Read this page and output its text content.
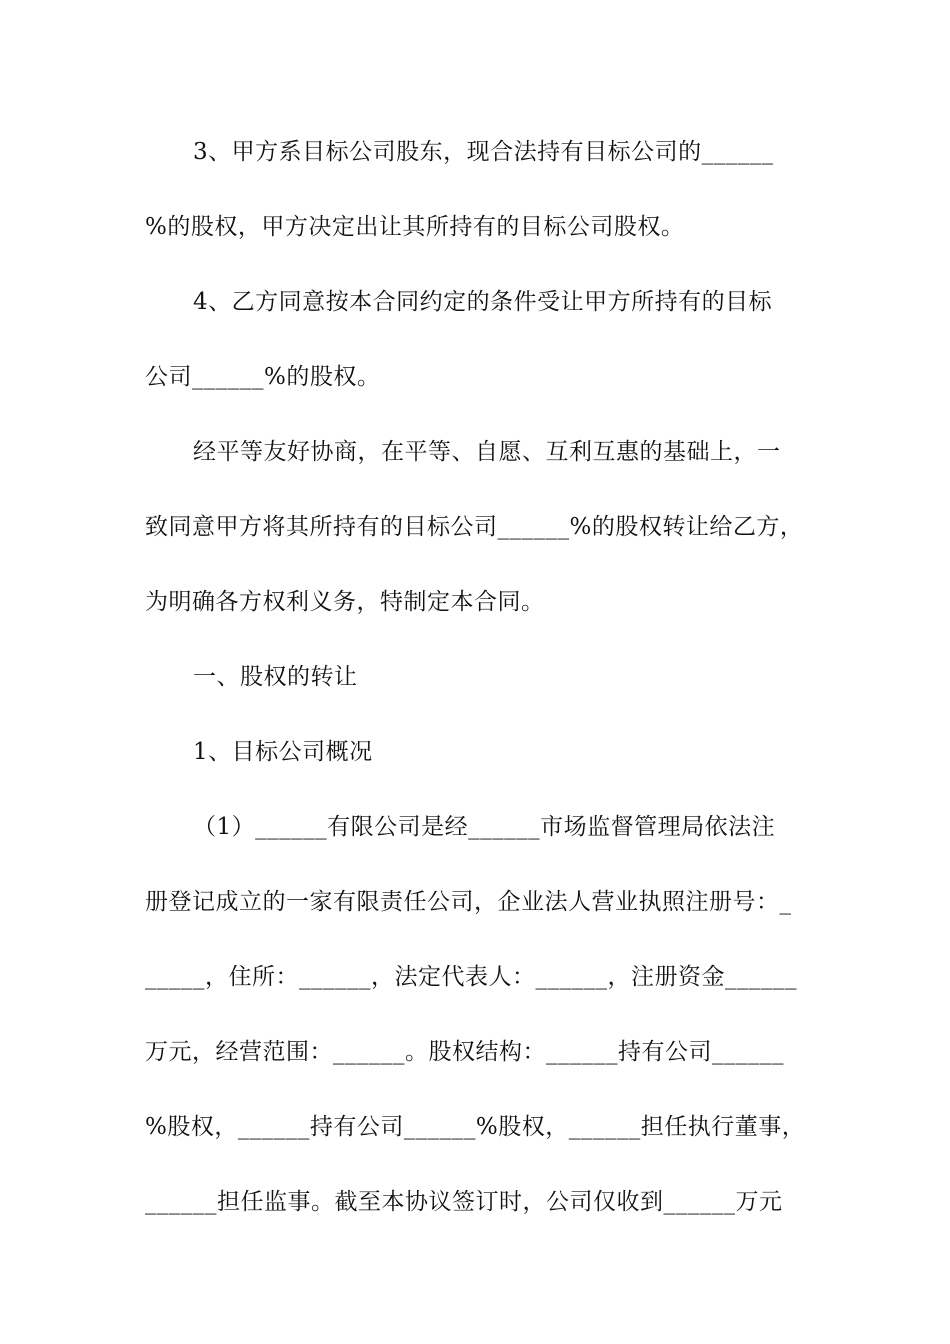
3、甲方系目标公司股东，现合法持有目标公司的______
%的股权，甲方决定出让其所持有的目标公司股权。
4、乙方同意按本合同约定的条件受让甲方所持有的目标
公司______%的股权。
经平等友好协商，在平等、自愿、互利互惠的基础上，一
致同意甲方将其所持有的目标公司______%的股权转让给乙方，
为明确各方权利义务，特制定本合同。
一、股权的转让
1、目标公司概况
（1）______有限公司是经______市场监督管理局依法注
册登记成立的一家有限责任公司，企业法人营业执照注册号：_
_____，住所：______，法定代表人：______，注册资金______
万元，经营范围：______。股权结构：______持有公司______
%股权，______持有公司______%股权，______担任执行董事，
______担任监事。截至本协议签订时，公司仅收到______万元
